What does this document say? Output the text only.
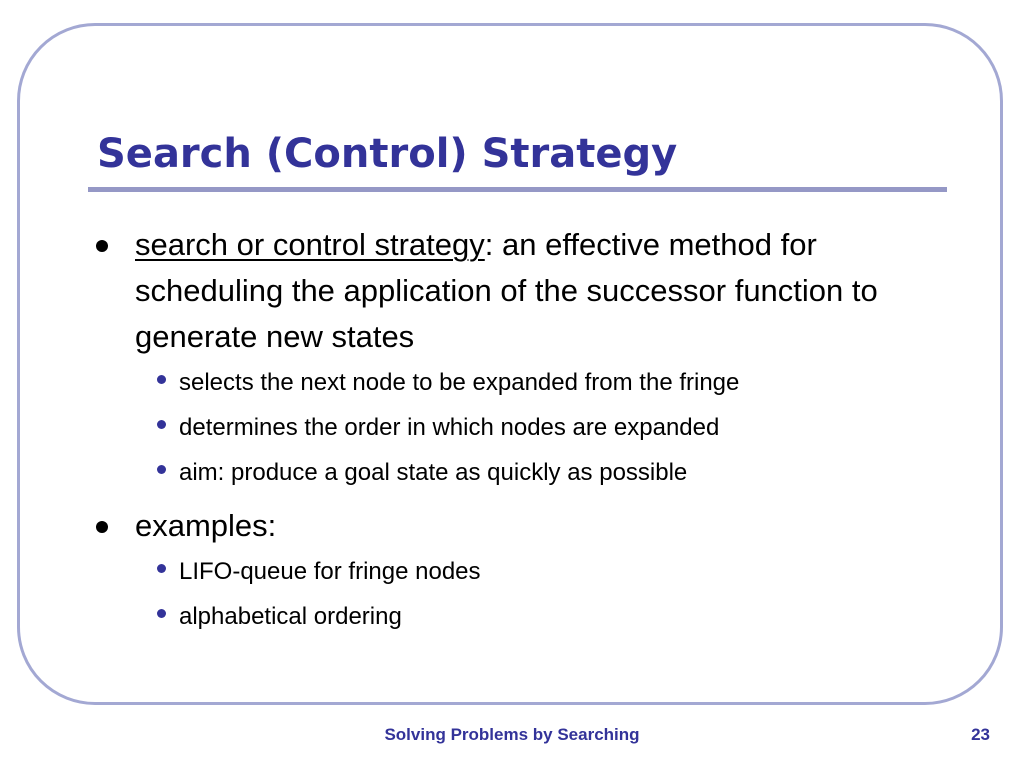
Search (Control) Strategy
search or control strategy: an effective method for scheduling the application of the successor function to generate new states
selects the next node to be expanded from the fringe
determines the order in which nodes are expanded
aim: produce a goal state as quickly as possible
examples:
LIFO-queue for fringe nodes
alphabetical ordering
Solving Problems by Searching	23
